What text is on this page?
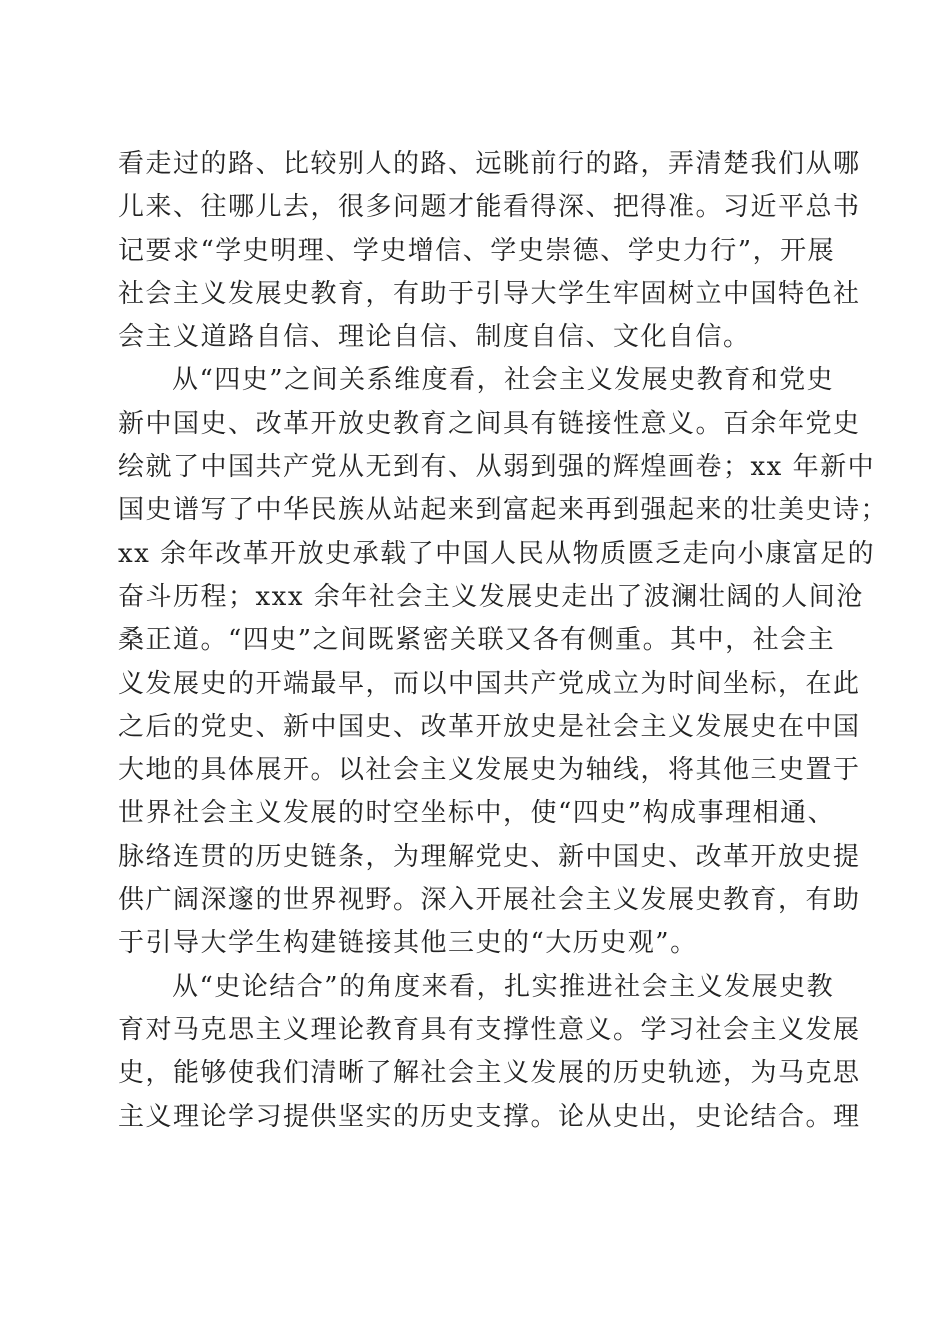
看走过的路、比较别人的路、远眺前行的路，弄清楚我们从哪
儿来、往哪儿去，很多问题才能看得深、把得准。习近平总书
记要求“学史明理、学史增信、学史崇德、学史力行”，开展
社会主义发展史教育，有助于引导大学生牢固树立中国特色社
会主义道路自信、理论自信、制度自信、文化自信。
从“四史”之间关系维度看，社会主义发展史教育和党史
新中国史、改革开放史教育之间具有链接性意义。百余年党史
绘就了中国共产党从无到有、从弱到强的辉煌画卷；xx 年新中
国史谱写了中华民族从站起来到富起来再到强起来的壮美史诗；
xx 余年改革开放史承载了中国人民从物质匮乏走向小康富足的
奋斗历程；xxx 余年社会主义发展史走出了波澜壮阔的人间沧
桑正道。“四史”之间既紧密关联又各有侧重。其中，社会主
义发展史的开端最早，而以中国共产党成立为时间坐标，在此
之后的党史、新中国史、改革开放史是社会主义发展史在中国
大地的具体展开。以社会主义发展史为轴线，将其他三史置于
世界社会主义发展的时空坐标中，使“四史”构成事理相通、
脉络连贯的历史链条，为理解党史、新中国史、改革开放史提
供广阔深邃的世界视野。深入开展社会主义发展史教育，有助
于引导大学生构建链接其他三史的“大历史观”。
从“史论结合”的角度来看，扎实推进社会主义发展史教
育对马克思主义理论教育具有支撑性意义。学习社会主义发展
史，能够使我们清晰了解社会主义发展的历史轨迹，为马克思
主义理论学习提供坚实的历史支撑。论从史出，史论结合。理
